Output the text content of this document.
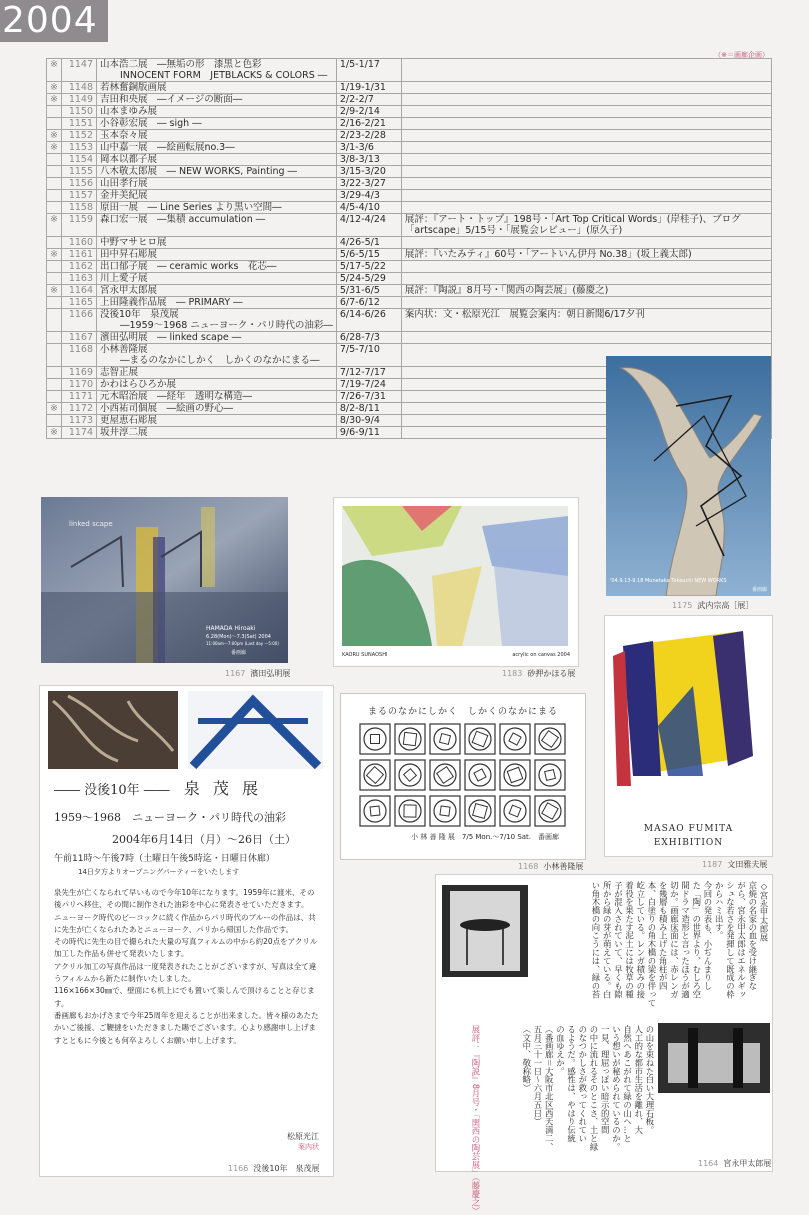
2004
（※＝画廊企画）
※	1147	山本浩二展　―無垢の形　漆黒と色彩
INNOCENT FORM　JETBLACKS & COLORS ―	1/5-1/17	
※	1148	若林奮銅版画展	1/19-1/31	
※	1149	吉田和央展　―イメージの断面―	2/2-2/7	
	1150	山本まゆみ展	2/9-2/14	
	1151	小谷彰宏展　― sigh ―	2/16-2/21	
※	1152	玉本奈々展	2/23-2/28	
※	1153	山中嘉一展　―絵画転展no.3―	3/1-3/6	
	1154	岡本以都子展	3/8-3/13	
	1155	八木敬太郎展　― NEW WORKS, Painting ―	3/15-3/20	
	1156	山田孝行展	3/22-3/27	
	1157	金井美紀展	3/29-4/3	
	1158	原田一展　― Line Series より黒い空間―	4/5-4/10	
※	1159	森口宏一展　―集積 accumulation ―	4/12-4/24	展評：『アート・トップ』198号・「Art Top Critical Words」(岸桂子)、ブログ「artscape」5/15号・「展覧会レビュー」(原久子)
	1160	中野マサヒロ展	4/26-5/1	
※	1161	田中昇石彫展	5/6-5/15	展評：『いたみティ』60号・「アートいん伊丹 No.38」(坂上義太郎)
	1162	出口郁子展　― ceramic works　花芯―	5/17-5/22	
	1163	川上愛子展	5/24-5/29	
※	1164	宮永甲太郎展	5/31-6/5	展評：『陶説』8月号・「関西の陶芸展」(藤慶之)
	1165	上田隆義作品展　― PRIMARY ―	6/7-6/12	
	1166	没後10年　泉茂展
―1959〜1968 ニューヨーク・パリ時代の油彩―	6/14-6/26	案内状：文・松原光江　展覧会案内：朝日新聞6/17夕刊
	1167	濱田弘明展　― linked scape ―	6/28-7/3	
	1168	小林善隆展
―まるのなかにしかく　しかくのなかにまる―	7/5-7/10	
	1169	志智正展	7/12-7/17	
	1170	かわはらひろか展	7/19-7/24	
	1171	元木昭治展　―経年　透明な構造―	7/26-7/31	
※	1172	小西祐司個展　―絵画の野心―	8/2-8/11	
	1173	更屋恵石彫展	8/30-9/4	
※	1174	坂井淳二展	9/6-9/11	
'04.9.13-9.18 Munetaka Takeuchi NEW WORKS
番画廊
1175 武内宗高［展］
linked scape
HAMADA Hiroaki
6.28(Mon)〜7.3(Sat) 2004
11:00am〜7:00pm (Last day 〜5:00)
番画廊
1167 濱田弘明展
KAORU SUNAOSHI	acrylic on canvas 2004
1183 砂押かほる展
MASAO FUMITA
EXHIBITION
1187 文田雅夫展
―― 没後10年 ―― 泉 茂 展
1959〜1968　ニューヨーク・パリ時代の油彩
2004年6月14日（月）〜26日（土）
午前11時〜午後7時（土曜日午後5時迄・日曜日休廊）
14日夕方よりオープニングパーティーをいたします

泉先生が亡くなられて早いもので今年10年になります。1959年に渡米、その後パリへ移住、その間に制作された油彩を中心に発表させていただきます。

ニューヨーク時代のビーコックに続く作品からパリ時代のブルーの作品は、共に先生が亡くなられたあとニューヨーク、パリから帰国した作品です。

その時代に先生の目で撮られた大量の写真フィルムの中から約20点をアクリル加工した作品も併せて発表いたします。

アクリル加工の写真作品は一度発表されたことがございますが、写真は全て違うフィルムから新たに制作いたしました。

116×166×30㎜で、壁面にも机上にでも置いて楽しんで頂けることと存じます。

番画廊もおかげさまで今年25周年を迎えることが出来ました。皆々様のあたたかいご後援、ご鞭撻をいただきました賜でございます。心より感謝申し上げますとともに今後とも何卒よろしくお願い申し上げます。

松原光江
案内状
1166 没後10年　泉茂展
まるのなかにしかく　しかくのなかにまる
小 林 善 隆 展　7/5 Mon.〜7/10 Sat.　番画廊
1168 小林善隆展
◇宮永甲太郎展
京焼の名家の血を受け継ぎな
がら、宮永甲太郎はエネルギッ
シュな若さを発揮して既成の枠
からハミ出す。
今回の発表も、小ぢんまりし
た「陶」の世界より、むしろ空
間ドラマ造形と言ったほうが適
切か。画廊床面には、赤レンガ
を幾層も積み上げた角柱が四
本、白塗りの角木橋の梁を伴って
屹立している。レンガ積みの接
着役を果たす泥土には牧草の種
子が混入されていて、早くも隙
所から緑の芽が萌えている。白
い角木橋の向こうには、緑の苔
の山を束ねた白い大理石板。
人工的な都市生活を離れ、大
自然へあこがれて緑の山へ…と
いう想いが秘められているのか。
一見、理屈っぽい暗示的空間
の中に流れるそのとこさ、土と緑
のなつかしさが救ってくれてい
るようだ。感性は、やはり伝統
の血ゆえか。
（番画廊＝大阪市北区西天満二、
五月三十一日〜六月五日）
（文中、敬称略）
展評：『陶説』8月号・「関西の陶芸展」（藤慶之）	1164 宮永甲太郎展
